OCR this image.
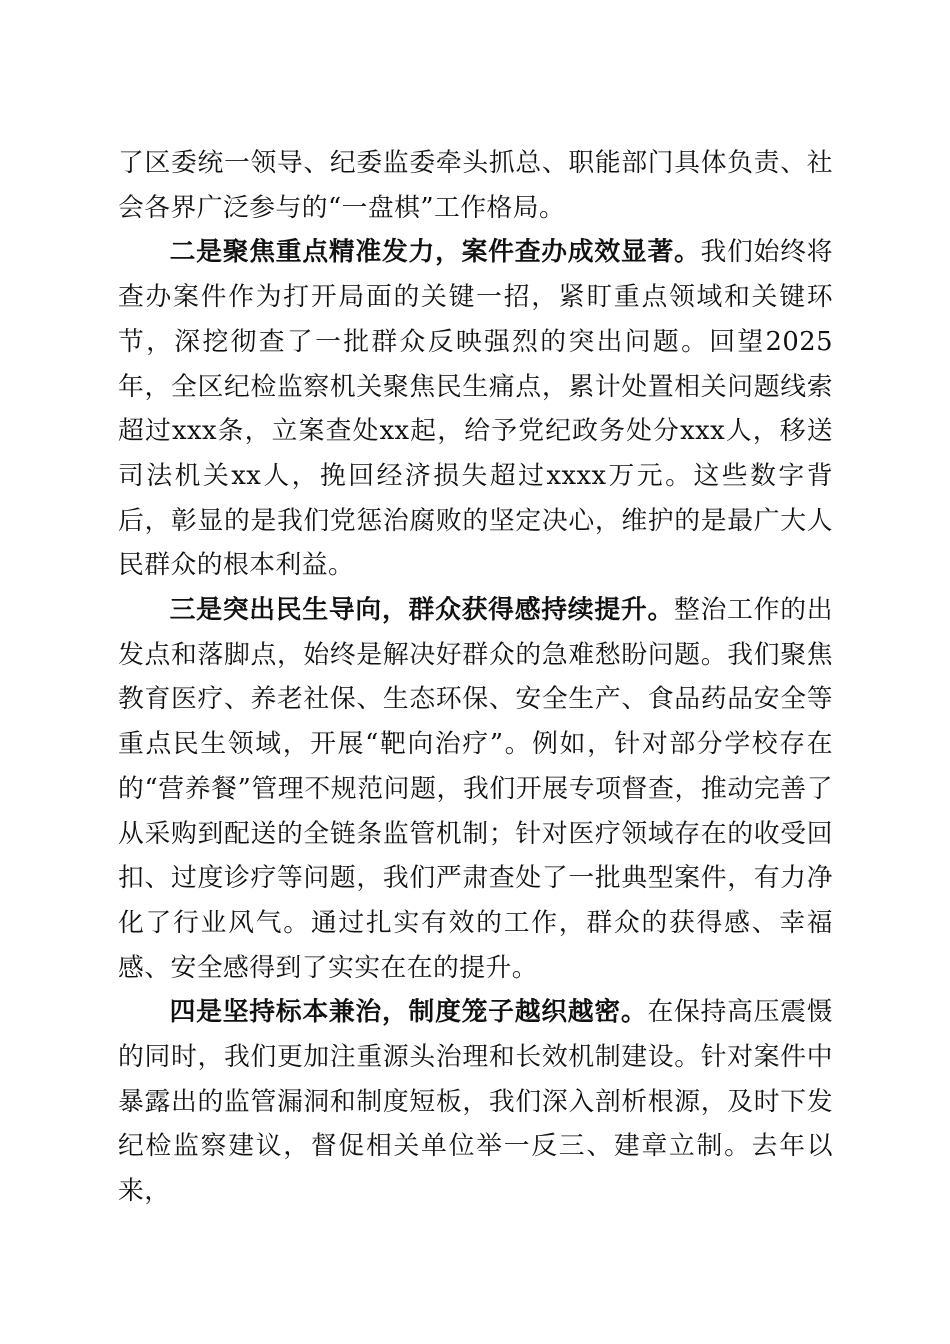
了区委统一领导、纪委监委牵头抓总、职能部门具体负责、社会各界广泛参与的“一盘棋”工作格局。

二是聚焦重点精准发力，案件查办成效显著。我们始终将查办案件作为打开局面的关键一招，紧盯重点领域和关键环节，深挖彻查了一批群众反映强烈的突出问题。回望2025年，全区纪检监察机关聚焦民生痛点，累计处置相关问题线索超过xxx条，立案查处xx起，给予党纪政务处分xxx人，移送司法机关xx人，挽回经济损失超过xxxx万元。这些数字背后，彰显的是我们党惩治腐败的坚定决心，维护的是最广大人民群众的根本利益。

三是突出民生导向，群众获得感持续提升。整治工作的出发点和落脚点，始终是解决好群众的急难愁盼问题。我们聚焦教育医疗、养老社保、生态环保、安全生产、食品药品安全等重点民生领域，开展“靶向治疗”。例如，针对部分学校存在的“营养餐”管理不规范问题，我们开展专项督查，推动完善了从采购到配送的全链条监管机制；针对医疗领域存在的收受回扣、过度诊疗等问题，我们严肃查处了一批典型案件，有力净化了行业风气。通过扎实有效的工作，群众的获得感、幸福感、安全感得到了实实在在的提升。

四是坚持标本兼治，制度笼子越织越密。在保持高压震慑的同时，我们更加注重源头治理和长效机制建设。针对案件中暴露出的监管漏洞和制度短板，我们深入剖析根源，及时下发纪检监察建议，督促相关单位举一反三、建章立制。去年以来，
